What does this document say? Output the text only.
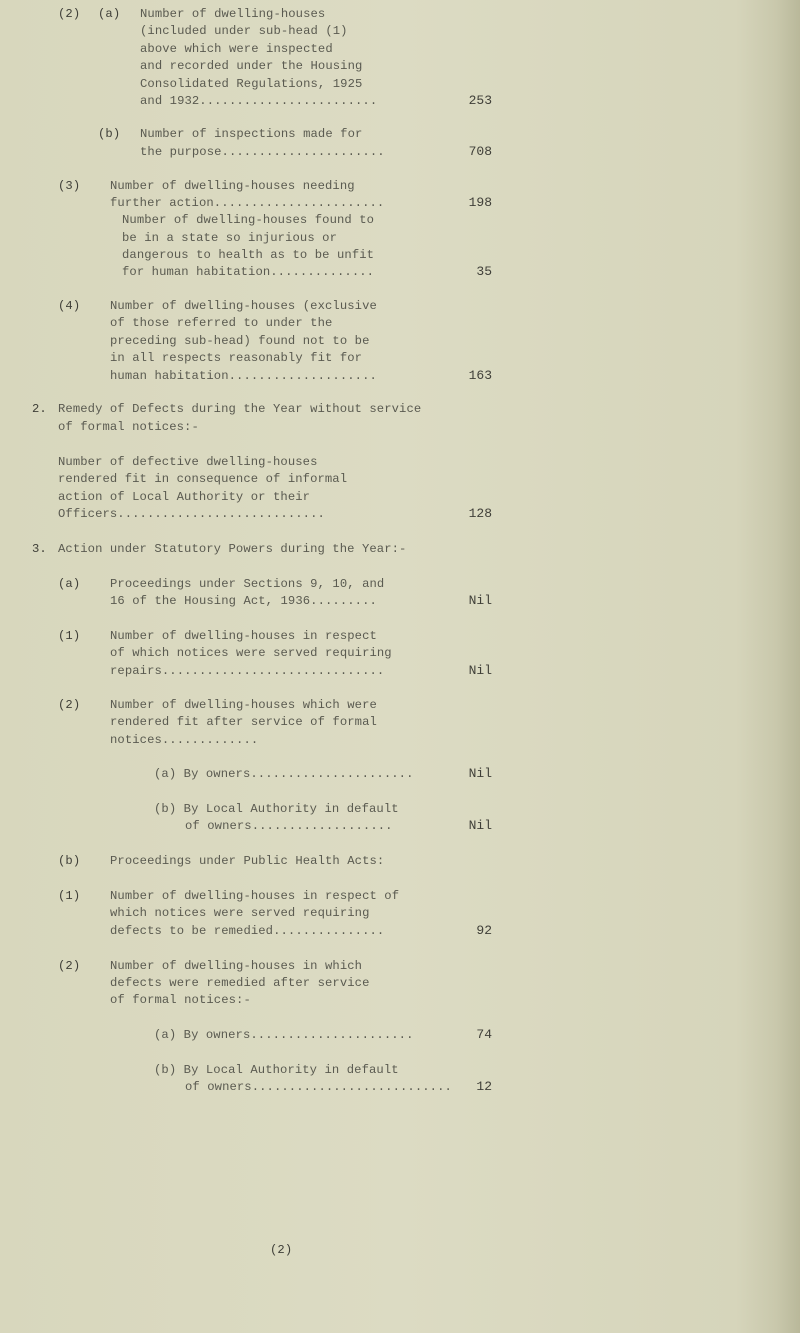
(2) (a) Number of dwelling-houses
(included under sub-head (1)
above which were inspected
and recorded under the Housing
Consolidated Regulations, 1925
and 1932........................	253
(b) Number of inspections made for
the purpose......................	708
(3) Number of dwelling-houses needing
further action.......................	198
Number of dwelling-houses found to
be in a state so injurious or
dangerous to health as to be unfit
for human habitation..............	35
(4) Number of dwelling-houses (exclusive
of those referred to under the
preceding sub-head) found not to be
in all respects reasonably fit for
human habitation....................	163
2. Remedy of Defects during the Year without service
of formal notices:-
Number of defective dwelling-houses
rendered fit in consequence of informal
action of Local Authority or their
Officers............................	128
3. Action under Statutory Powers during the Year:-
(a) Proceedings under Sections 9, 10, and
16 of the Housing Act, 1936.........	Nil
(1) Number of dwelling-houses in respect
of which notices were served requiring
repairs..............................	Nil
(2) Number of dwelling-houses which were
rendered fit after service of formal
notices.............
(a) By owners......................	Nil
(b) By Local Authority in default
of owners...................	Nil
(b) Proceedings under Public Health Acts:
(1) Number of dwelling-houses in respect of
which notices were served requiring
defects to be remedied...............	92
(2) Number of dwelling-houses in which
defects were remedied after service
of formal notices:-
(a) By owners......................	74
(b) By Local Authority in default
of owners...........................	12
(2)
